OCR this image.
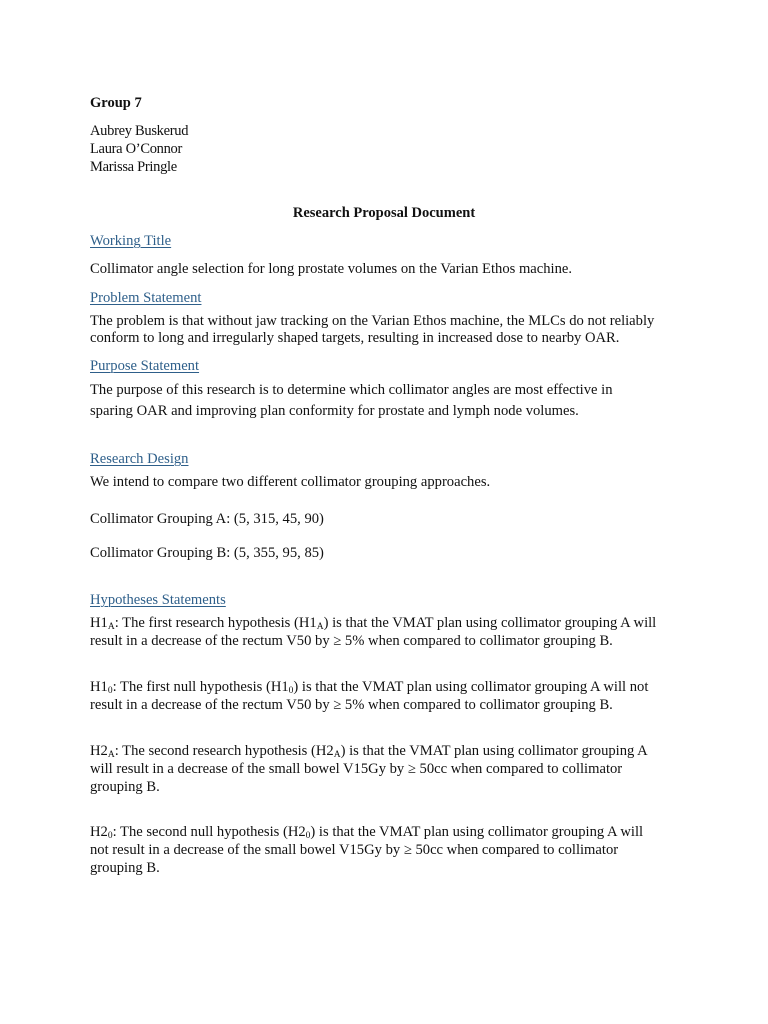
Group 7
Aubrey Buskerud
Laura O’Connor
Marissa Pringle
Research Proposal Document
Working Title
Collimator angle selection for long prostate volumes on the Varian Ethos machine.
Problem Statement
The problem is that without jaw tracking on the Varian Ethos machine, the MLCs do not reliably
conform to long and irregularly shaped targets, resulting in increased dose to nearby OAR.
Purpose Statement
The purpose of this research is to determine which collimator angles are most effective in
sparing OAR and improving plan conformity for prostate and lymph node volumes.
Research Design
We intend to compare two different collimator grouping approaches.
Collimator Grouping A: (5, 315, 45, 90)
Collimator Grouping B: (5, 355, 95, 85)
Hypotheses Statements
$H1_A$: The first research hypothesis $(H1_A)$ is that the VMAT plan using collimator grouping A will
result in a decrease of the rectum V50 by ≥ 5% when compared to collimator grouping B.
$H1_0$: The first null hypothesis $(H1_0)$ is that the VMAT plan using collimator grouping A will not
result in a decrease of the rectum V50 by ≥ 5% when compared to collimator grouping B.
$H2_A$: The second research hypothesis $(H2_A)$ is that the VMAT plan using collimator grouping A
will result in a decrease of the small bowel V15Gy by ≥ 50cc when compared to collimator
grouping B.
$H2_0$: The second null hypothesis $(H2_0)$ is that the VMAT plan using collimator grouping A will
not result in a decrease of the small bowel V15Gy by ≥ 50cc when compared to collimator
grouping B.
